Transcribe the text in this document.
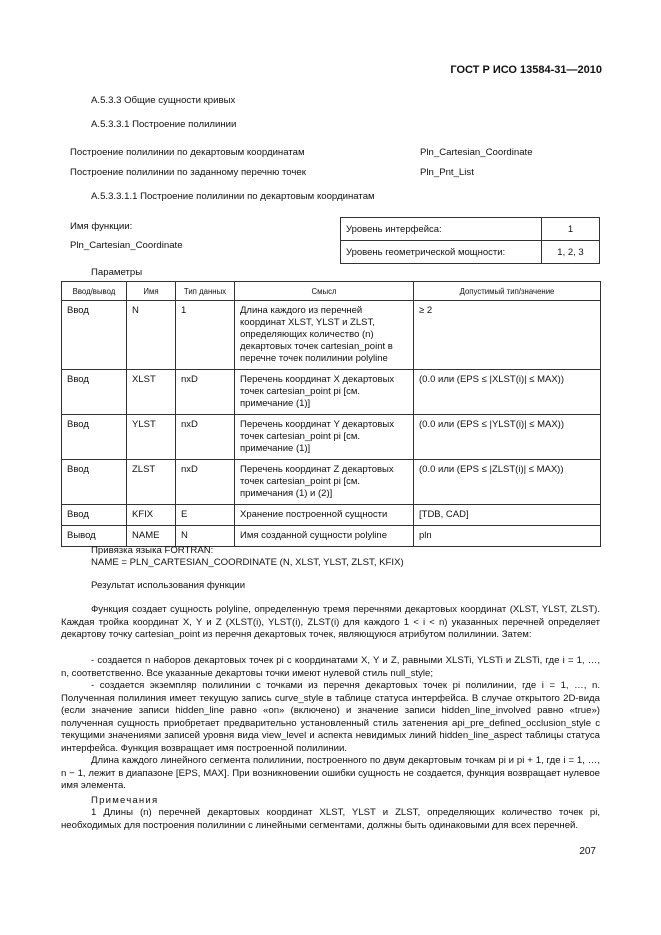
ГОСТ Р ИСО 13584-31—2010
А.5.3.3 Общие сущности кривых
А.5.3.3.1 Построение полилинии
Построение полилинии по декартовым координатам	Pln_Cartesian_Coordinate
Построение полилинии по заданному перечню точек	Pln_Pnt_List
А.5.3.3.1.1 Построение полилинии по декартовым координатам
Имя функции:
Pln_Cartesian_Coordinate
Уровень интерфейса:	1
Уровень геометрической мощности:	1, 2, 3
Параметры
Ввод/вывод	Имя	Тип данных	Смысл	Допустимый тип/значение
Ввод	N	1	Длина каждого из перечней координат XLST, YLST и ZLST, определяющих количество (n) декартовых точек cartesian_point в перечне точек полилинии polyline	≥ 2
Ввод	XLST	nxD	Перечень координат X декартовых точек cartesian_point pi [см. примечание (1)]	(0.0 или (EPS ≤ |XLST(i)| ≤ MAX))
Ввод	YLST	nxD	Перечень координат Y декартовых точек cartesian_point pi [см. примечание (1)]	(0.0 или (EPS ≤ |YLST(i)| ≤ MAX))
Ввод	ZLST	nxD	Перечень координат Z декартовых точек cartesian_point pi [см. примечания (1) и (2)]	(0.0 или (EPS ≤ |ZLST(i)| ≤ MAX))
Ввод	KFIX	E	Хранение построенной сущности	[TDB, CAD]
Вывод	NAME	N	Имя созданной сущности polyline	pln
Привязка языка FORTRAN:
NAME = PLN_CARTESIAN_COORDINATE (N, XLST, YLST, ZLST, KFIX)
Результат использования функции
Функция создает сущность polyline, определенную тремя перечнями декартовых координат (XLST, YLST, ZLST). Каждая тройка координат X, Y и Z (XLST(i), YLST(i), ZLST(i) для каждого 1 < i < n) указанных перечней определяет декартову точку cartesian_point из перечня декартовых точек, являющуюся атрибутом полилинии. Затем:
- создается n наборов декартовых точек pi с координатами X, Y и Z, равными XLSTi, YLSTi и ZLSTi, где i = 1, …, n, соответственно. Все указанные декартовы точки имеют нулевой стиль null_style;
- создается экземпляр полилинии с точками из перечня декартовых точек pi полилинии, где i = 1, …, n. Полученная полилиния имеет текущую запись curve_style в таблице статуса интерфейса. В случае открытого 2D-вида (если значение записи hidden_line равно «on» (включено) и значение записи hidden_line_involved равно «true») полученная сущность приобретает предварительно установленный стиль затенения api_pre_defined_occlusion_style с текущими значениями записей уровня вида view_level и аспекта невидимых линий hidden_line_aspect таблицы статуса интерфейса. Функция возвращает имя построенной полилинии.
Длина каждого линейного сегмента полилинии, построенного по двум декартовым точкам pi и pi + 1, где i = 1, …, n − 1, лежит в диапазоне [EPS, MAX]. При возникновении ошибки сущность не создается, функция возвращает нулевое имя элемента.
Примечания
1 Длины (n) перечней декартовых координат XLST, YLST и ZLST, определяющих количество точек pi, необходимых для построения полилинии с линейными сегментами, должны быть одинаковыми для всех перечней.
207
